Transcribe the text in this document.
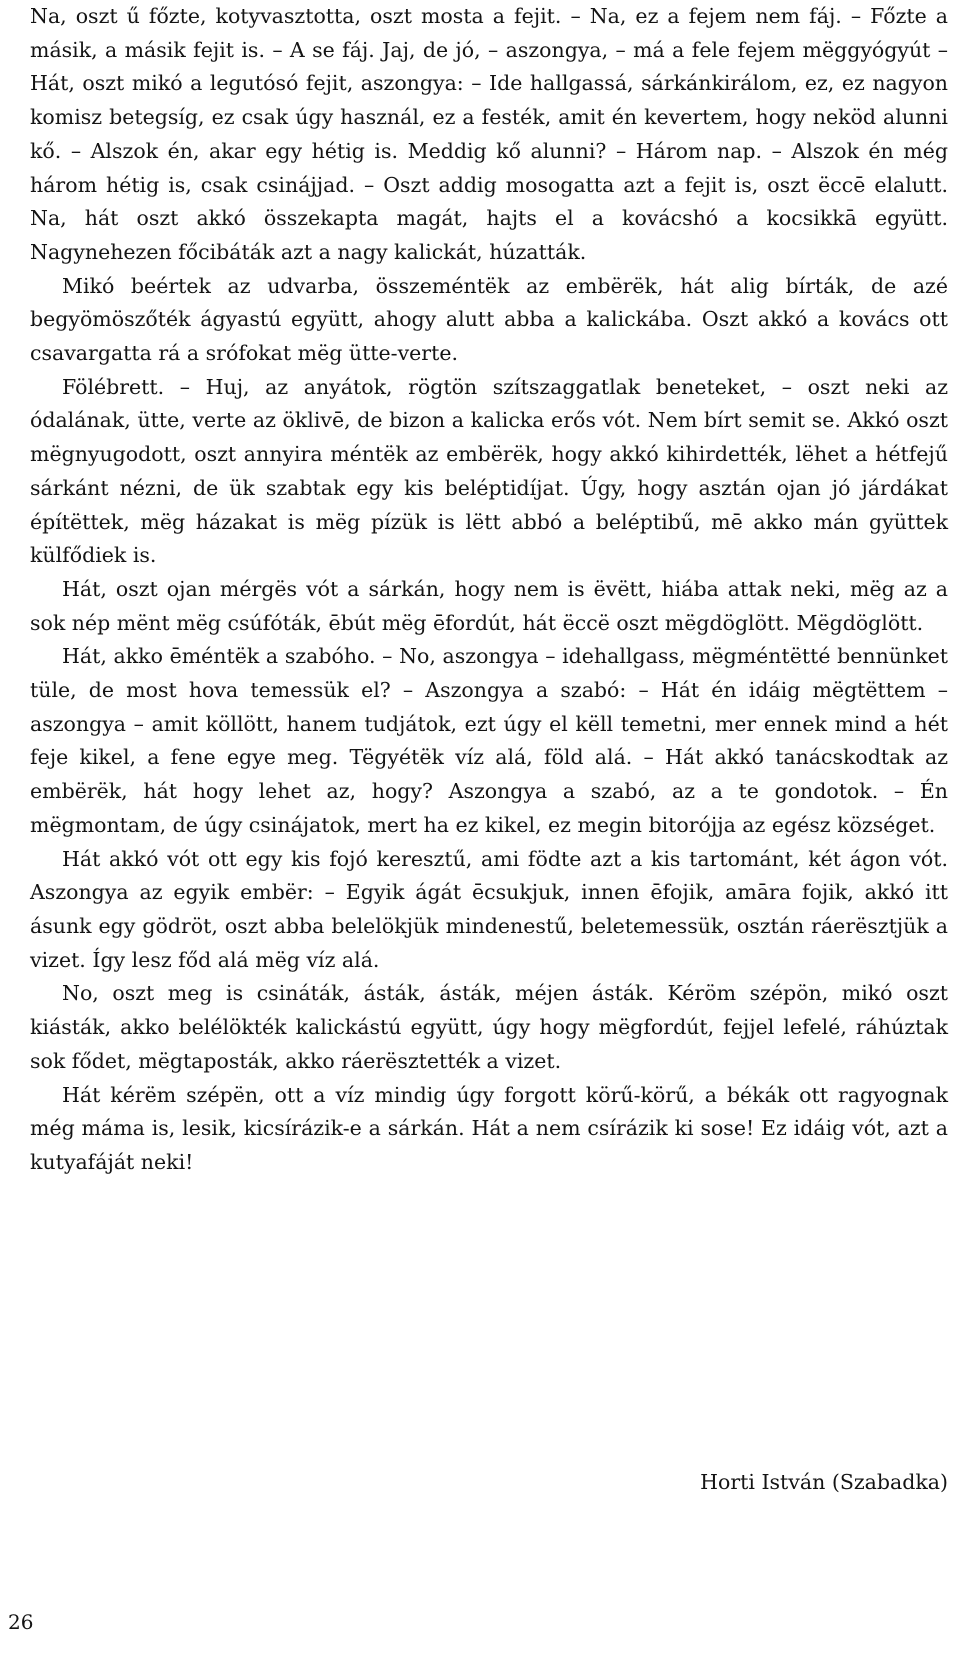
Na, oszt ű főzte, kotyvasztotta, oszt mosta a fejit. – Na, ez a fejem nem fáj. – Főzte a másik, a másik fejit is. – A se fáj. Jaj, de jó, – aszongya, – má a fele fejem mëggyógyút – Hát, oszt mikó a legutósó fejit, aszongya: – Ide hallgassá, sárkánkirálom, ez, ez nagyon komisz betegsíg, ez csak úgy használ, ez a festék, amit én kevertem, hogy neköd alunni kő. – Alszok én, akar egy hétig is. Meddig kő alunni? – Három nap. – Alszok én még három hétig is, csak csinájjad. – Oszt addig mosogatta azt a fejit is, oszt ëccē elalutt. Na, hát oszt akkó összekapta magát, hajts el a kovácshó a kocsikkā együtt. Nagynehezen főcibáták azt a nagy kalickát, húzatták.

Mikó beértek az udvarba, összeméntëk az embërëk, hát alig bírták, de azé begyömöszőték ágyastú együtt, ahogy alutt abba a kalickába. Oszt akkó a kovács ott csavargatta rá a srófokat mëg ütte-verte.

Fölébrett. – Huj, az anyátok, rögtön szítszaggatlak beneteket, – oszt neki az ódalának, ütte, verte az öklivē, de bizon a kalicka erős vót. Nem bírt semit se. Akkó oszt mëgnyugodott, oszt annyira méntëk az embërëk, hogy akkó kihirdették, lëhet a hétfejű sárkánt nézni, de ük szabtak egy kis beléptidíjat. Úgy, hogy asztán ojan jó járdákat építëttek, mëg házakat is mëg pízük is lëtt abbó a beléptibű, mē akko mán gyüttek külfődiek is.

Hát, oszt ojan mérgës vót a sárkán, hogy nem is ëvëtt, hiába attak neki, mëg az a sok nép mënt mëg csúfóták, ēbút mëg ēfordút, hát ëccë oszt mëgdöglött. Mëgdöglött.

Hát, akko ēméntëk a szabóho. – No, aszongya – idehallgass, mëgméntëtté bennünket tüle, de most hova temessük el? – Aszongya a szabó: – Hát én idáig mëgtëttem – aszongya – amit köllött, hanem tudjátok, ezt úgy el këll temetni, mer ennek mind a hét feje kikel, a fene egye meg. Tëgyétëk víz alá, föld alá. – Hát akkó tanácskodtak az embërëk, hát hogy lehet az, hogy? Aszongya a szabó, az a te gondotok. – Én mëgmontam, de úgy csinájatok, mert ha ez kikel, ez megin bitorójja az egész községet.

Hát akkó vót ott egy kis fojó keresztű, ami födte azt a kis tartománt, két ágon vót. Aszongya az egyik embër: – Egyik ágát ēcsukjuk, innen ēfojik, amāra fojik, akkó itt ásunk egy gödröt, oszt abba belelökjük mindenestű, beletemessük, osztán ráerësztjük a vizet. Így lesz főd alá mëg víz alá.

No, oszt meg is csináták, ásták, ásták, méjen ásták. Kéröm szépön, mikó oszt kiásták, akko belélökték kalickástú együtt, úgy hogy mëgfordút, fejjel lefelé, ráhúztak sok fődet, mëgtaposták, akko ráerësztették a vizet.

Hát kérëm szépën, ott a víz mindig úgy forgott körű-körű, a békák ott ragyognak még máma is, lesik, kicsírázik-e a sárkán. Hát a nem csírázik ki sose! Ez idáig vót, azt a kutyafáját neki!

Horti István (Szabadka)
26
